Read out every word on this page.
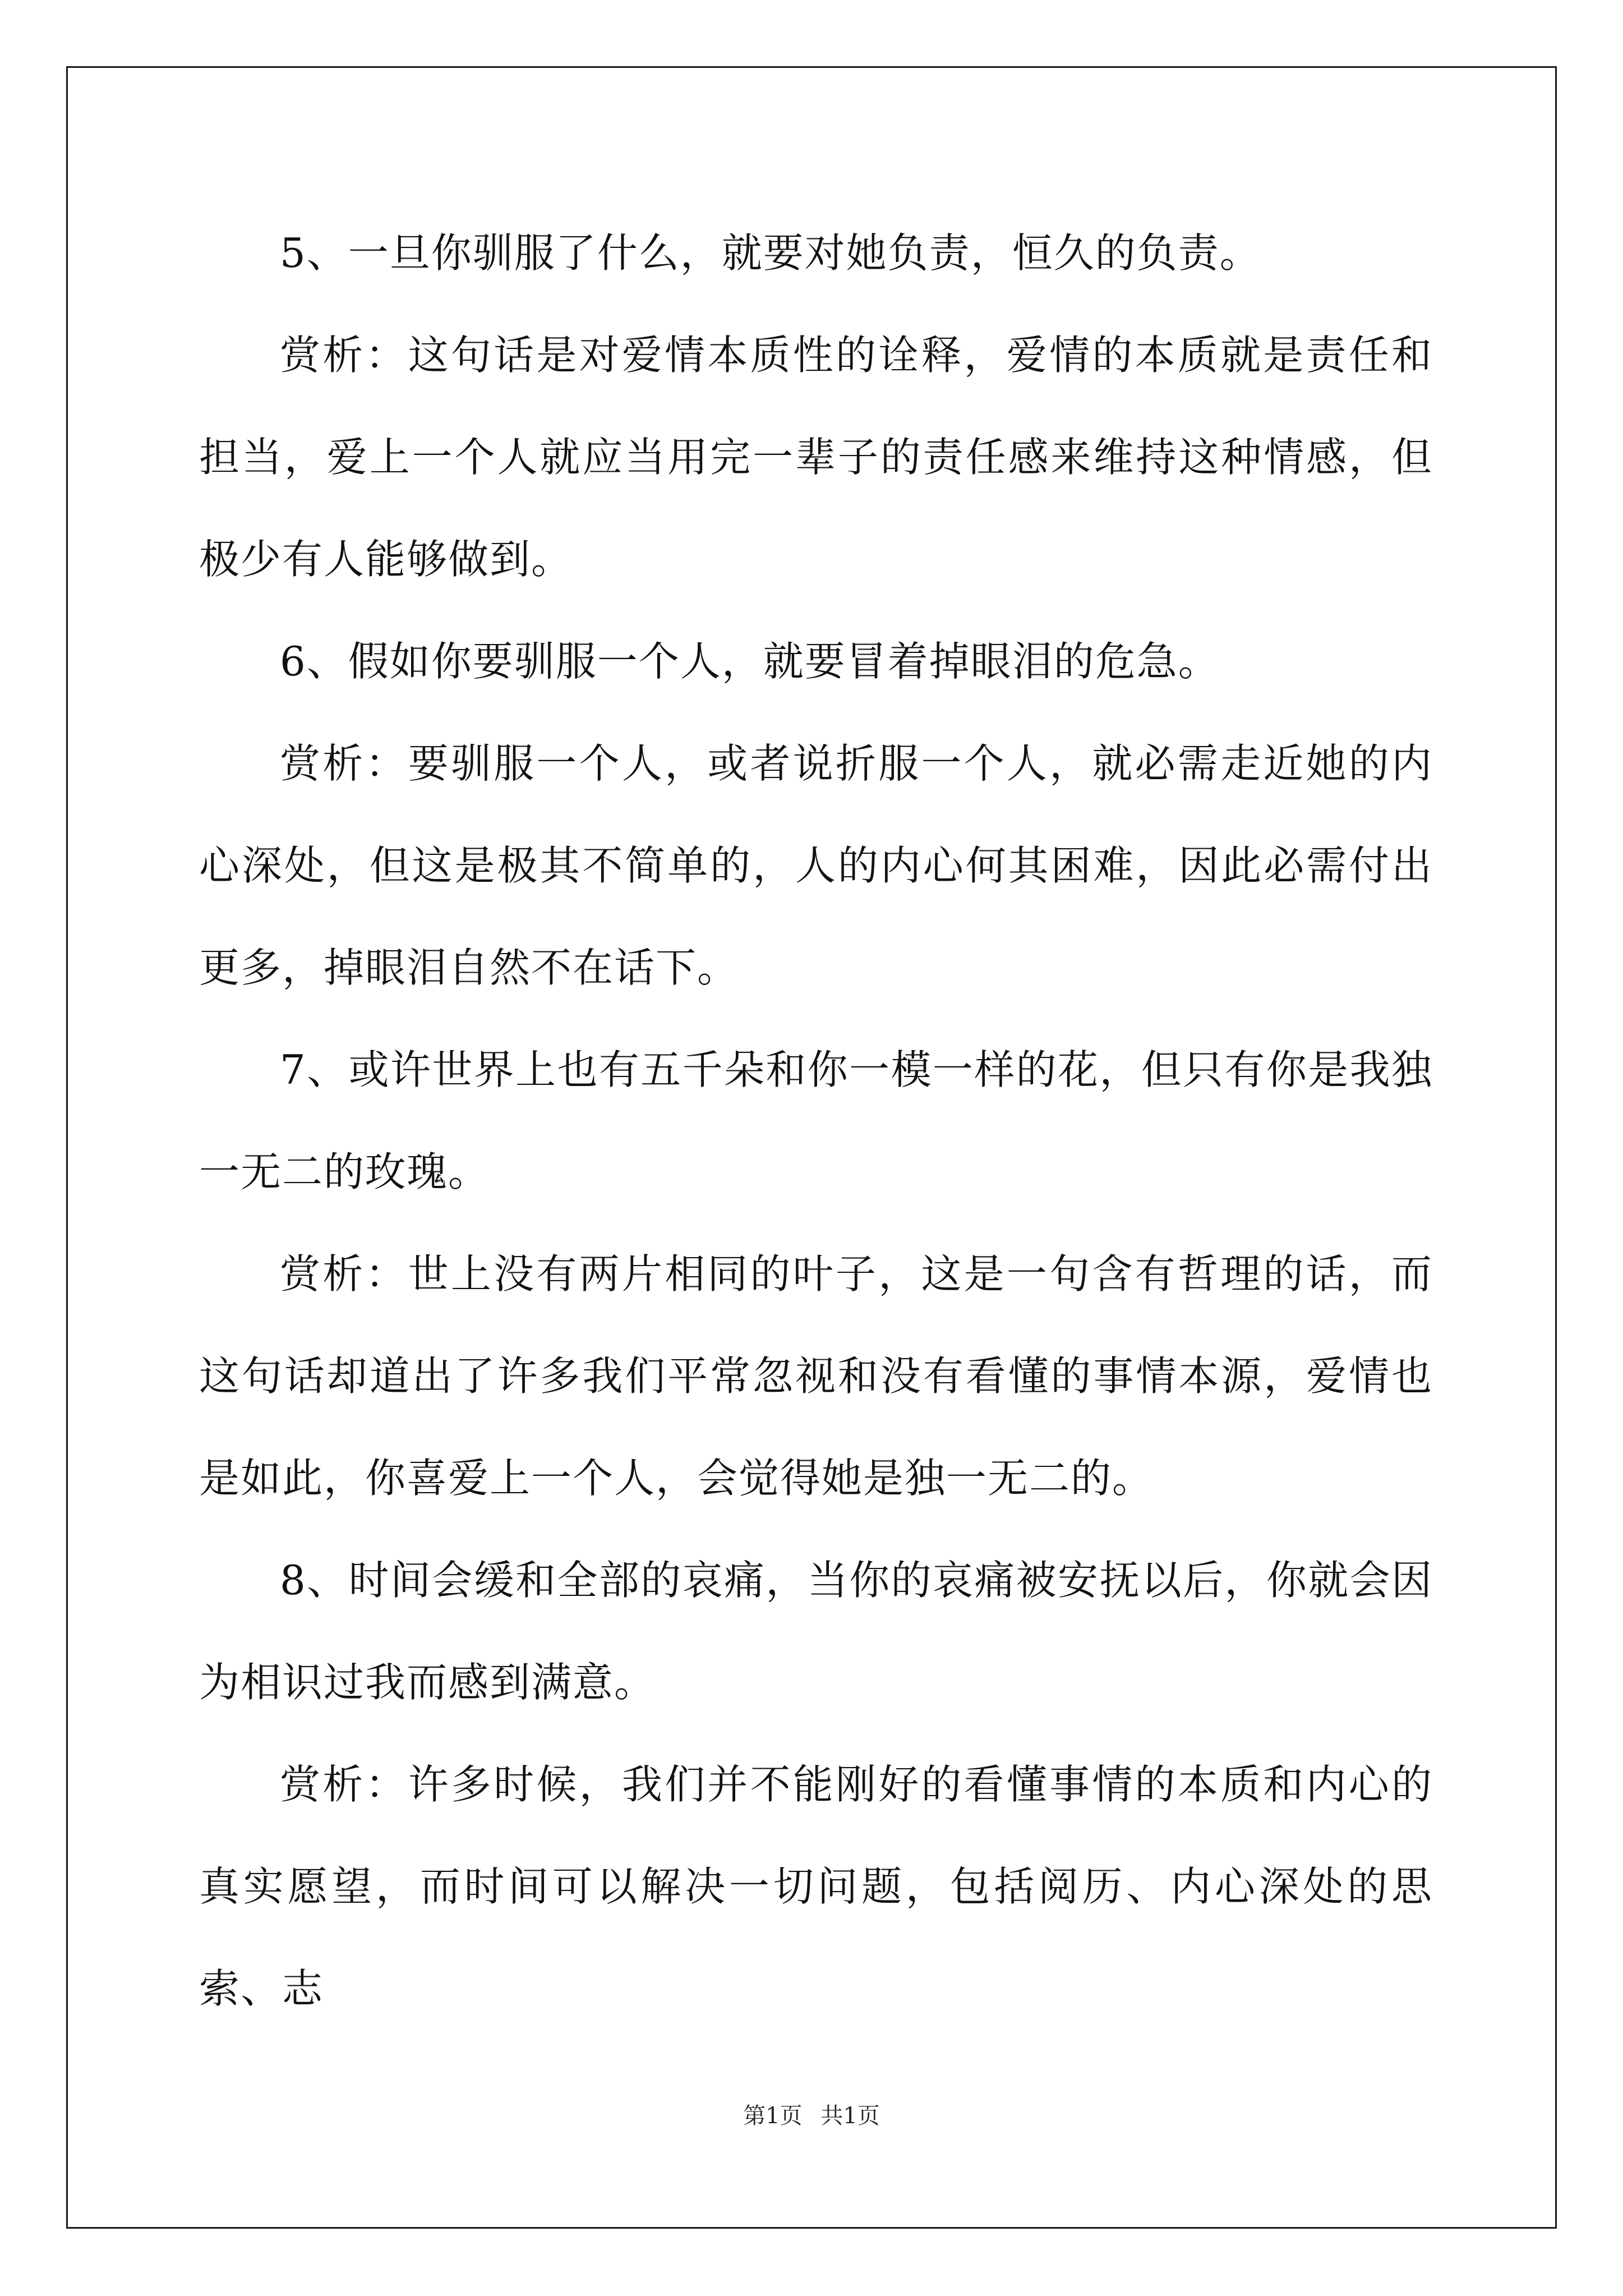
5、一旦你驯服了什么，就要对她负责，恒久的负责。

赏析：这句话是对爱情本质性的诠释，爱情的本质就是责任和担当，爱上一个人就应当用完一辈子的责任感来维持这种情感，但极少有人能够做到。

6、假如你要驯服一个人，就要冒着掉眼泪的危急。

赏析：要驯服一个人，或者说折服一个人，就必需走近她的内心深处，但这是极其不简单的，人的内心何其困难，因此必需付出更多，掉眼泪自然不在话下。

7、或许世界上也有五千朵和你一模一样的花，但只有你是我独一无二的玫瑰。

赏析：世上没有两片相同的叶子，这是一句含有哲理的话，而这句话却道出了许多我们平常忽视和没有看懂的事情本源，爱情也是如此，你喜爱上一个人，会觉得她是独一无二的。

8、时间会缓和全部的哀痛，当你的哀痛被安抚以后，你就会因为相识过我而感到满意。

赏析：许多时候，我们并不能刚好的看懂事情的本质和内心的真实愿望，而时间可以解决一切问题，包括阅历、内心深处的思索、志

第1页 共1页
